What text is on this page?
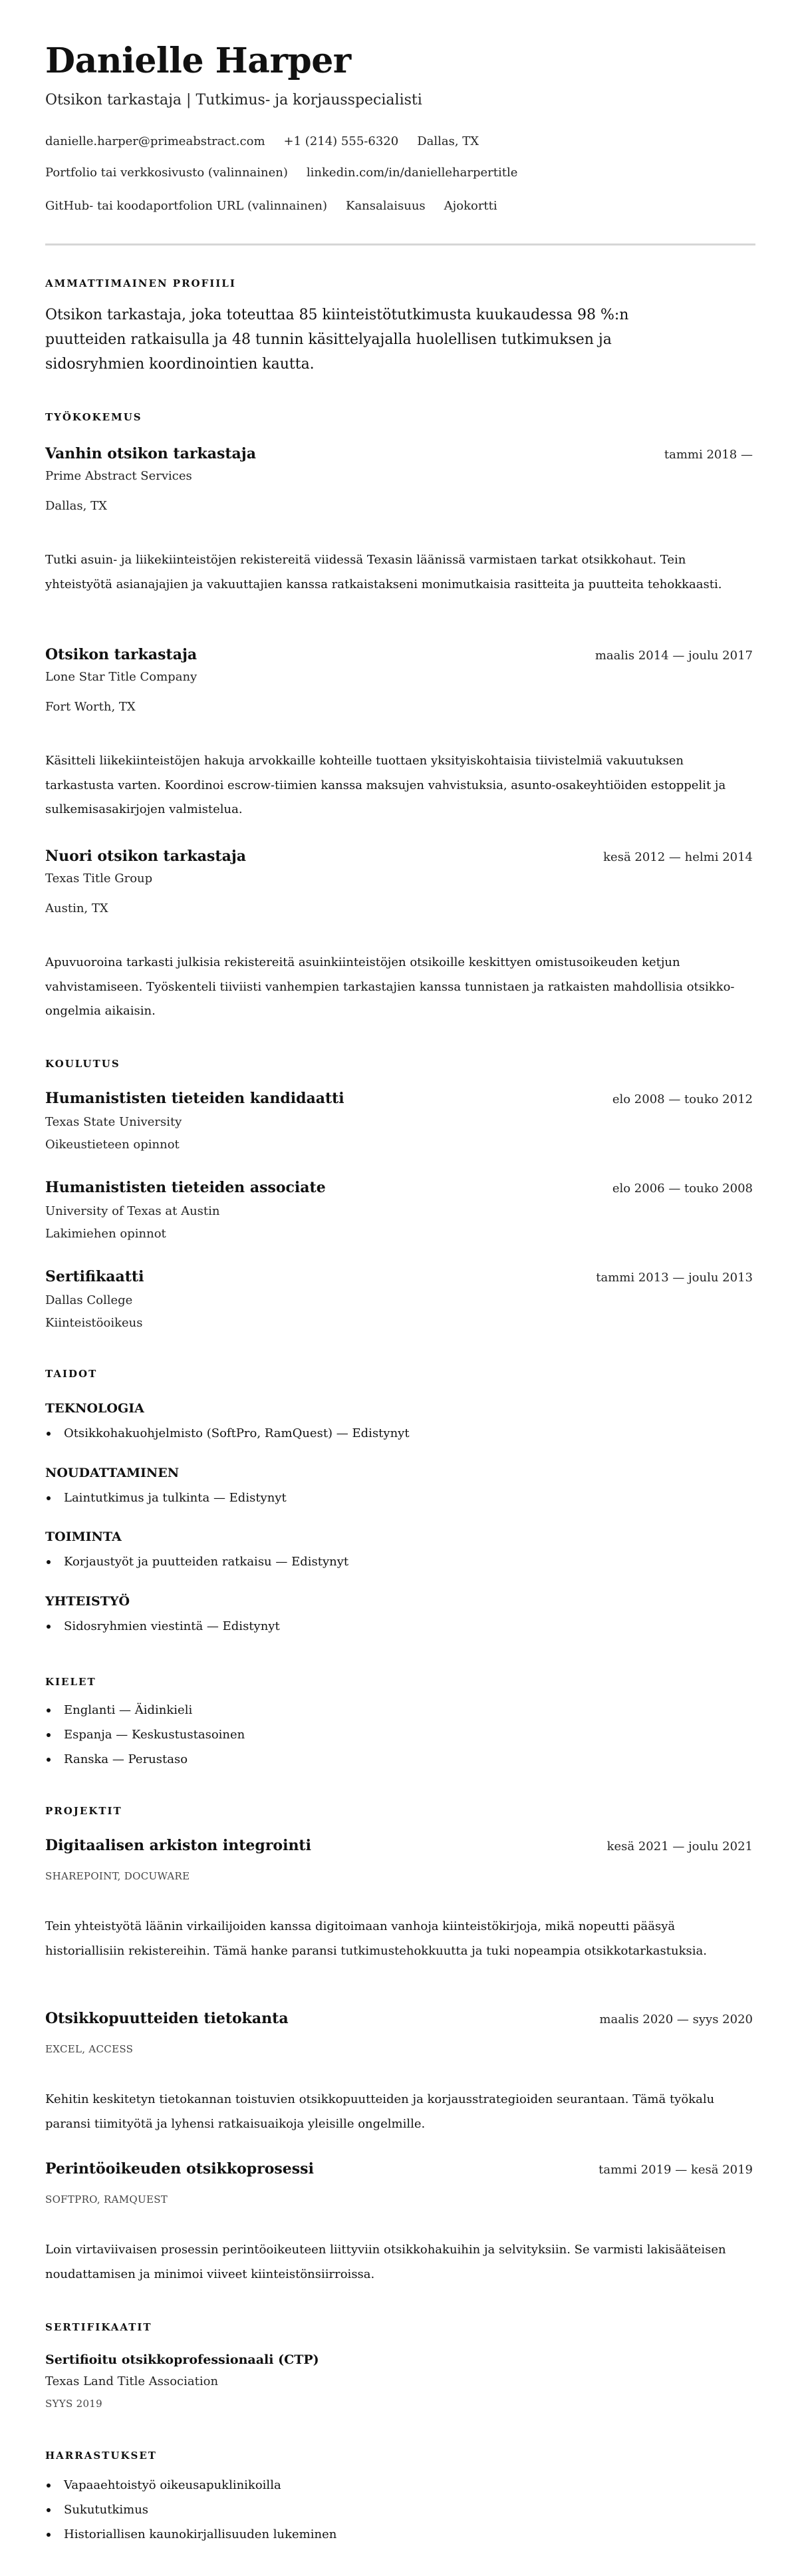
Danielle Harper
Otsikon tarkastaja | Tutkimus- ja korjausspecialisti
danielle.harper@primeabstract.com +1 (214) 555-6320 Dallas, TX
Portfolio tai verkkosivusto (valinnainen) linkedin.com/in/danielleharpertitle
GitHub- tai koodaportfolion URL (valinnainen) Kansalaisuus Ajokortti
AMMATTIMAINEN PROFIILI
Otsikon tarkastaja, joka toteuttaa 85 kiinteistötutkimusta kuukaudessa 98 %:n puutteiden ratkaisulla ja 48 tunnin käsittelyajalla huolellisen tutkimuksen ja sidosryhmien koordinointien kautta.
TYÖKOKEMUS
Vanhin otsikon tarkastaja	tammi 2018 —
Prime Abstract Services
Dallas, TX
Tutki asuin- ja liikekiinteistöjen rekistereitä viidessä Texasin läänissä varmistaen tarkat otsikkohaut. Tein yhteistyötä asianajajien ja vakuuttajien kanssa ratkaistakseni monimutkaisia rasitteita ja puutteita tehokkaasti.
Otsikon tarkastaja	maalis 2014 — joulu 2017
Lone Star Title Company
Fort Worth, TX
Käsitteli liikekiinteistöjen hakuja arvokkaille kohteille tuottaen yksityiskohtaisia tiivistelmiä vakuutuksen tarkastusta varten. Koordinoi escrow-tiimien kanssa maksujen vahvistuksia, asunto-osakeyhtiöiden estoppelit ja sulkemisasakirjojen valmistelua.
Nuori otsikon tarkastaja	kesä 2012 — helmi 2014
Texas Title Group
Austin, TX
Apuvuoroina tarkasti julkisia rekistereitä asuinkiinteistöjen otsikoille keskittyen omistusoikeuden ketjun vahvistamiseen. Työskenteli tiiviisti vanhempien tarkastajien kanssa tunnistaen ja ratkaisten mahdollisia otsikko-ongelmia aikaisin.
KOULUTUS
Humanististen tieteiden kandidaatti	elo 2008 — touko 2012
Texas State University
Oikeustieteen opinnot
Humanististen tieteiden associate	elo 2006 — touko 2008
University of Texas at Austin
Lakimiehen opinnot
Sertifikaatti	tammi 2013 — joulu 2013
Dallas College
Kiinteistöoikeus
TAIDOT
TEKNOLOGIA
Otsikkohakuohjelmisto (SoftPro, RamQuest) — Edistynyt
NOUDATTAMINEN
Laintutkimus ja tulkinta — Edistynyt
TOIMINTA
Korjaustyöt ja puutteiden ratkaisu — Edistynyt
YHTEISTYÖ
Sidosryhmien viestintä — Edistynyt
KIELET
Englanti — Äidinkieli
Espanja — Keskustustasoinen
Ranska — Perustaso
PROJEKTIT
Digitaalisen arkiston integrointi	kesä 2021 — joulu 2021
SHAREPOINT, DOCUWARE
Tein yhteistyötä läänin virkailijoiden kanssa digitoimaan vanhoja kiinteistökirjoja, mikä nopeutti pääsyä historiallisiin rekistereihin. Tämä hanke paransi tutkimustehokkuutta ja tuki nopeampia otsikkotarkastuksia.
Otsikkopuutteiden tietokanta	maalis 2020 — syys 2020
EXCEL, ACCESS
Kehitin keskitetyn tietokannan toistuvien otsikkopuutteiden ja korjausstrategioiden seurantaan. Tämä työkalu paransi tiimityötä ja lyhensi ratkaisuaikoja yleisille ongelmille.
Perintöoikeuden otsikkoprosessi	tammi 2019 — kesä 2019
SOFTPRO, RAMQUEST
Loin virtaviivaisen prosessin perintöoikeuteen liittyviin otsikkohakuihin ja selvityksiin. Se varmisti lakisääteisen noudattamisen ja minimoi viiveet kiinteistönsiirroissa.
SERTIFIKAATIT
Sertifioitu otsikkoprofessionaali (CTP)
Texas Land Title Association
SYYS 2019
HARRASTUKSET
Vapaaehtoistyö oikeusapuklinikoilla
Sukututkimus
Historiallisen kaunokirjallisuuden lukeminen
